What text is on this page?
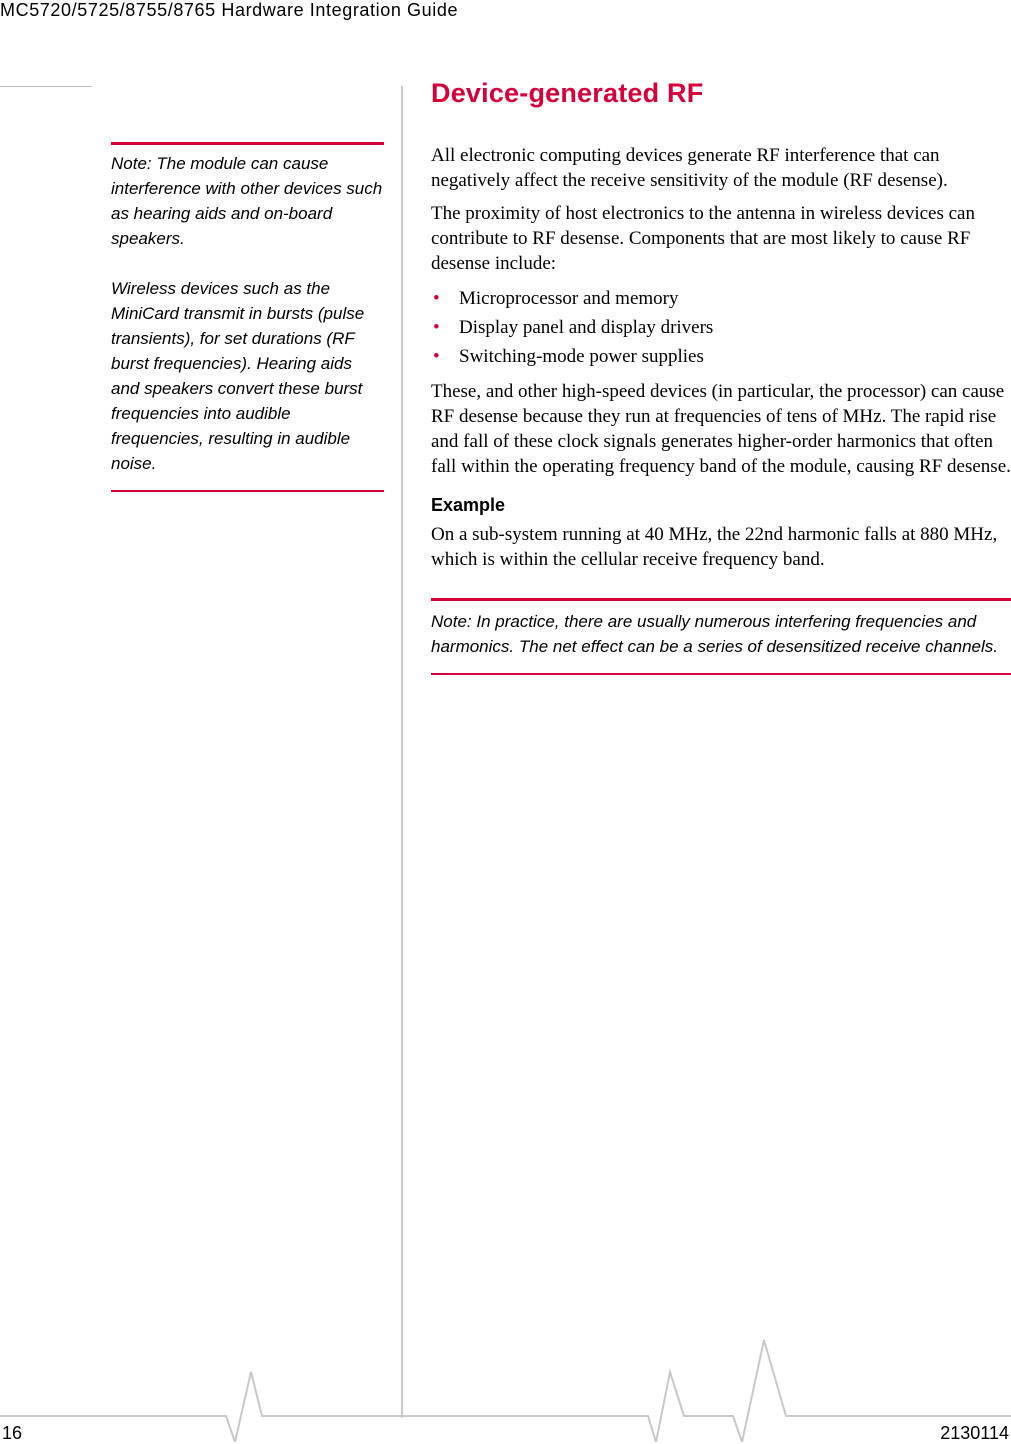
MC5720/5725/8755/8765 Hardware Integration Guide

Note: The module can cause interference with other devices such as hearing aids and on-board speakers.

Wireless devices such as the MiniCard transmit in bursts (pulse transients), for set durations (RF burst frequencies). Hearing aids and speakers convert these burst frequencies into audible frequencies, resulting in audible noise.

Device-generated RF

All electronic computing devices generate RF interference that can negatively affect the receive sensitivity of the module (RF desense).

The proximity of host electronics to the antenna in wireless devices can contribute to RF desense. Components that are most likely to cause RF desense include:

• Microprocessor and memory
• Display panel and display drivers
• Switching-mode power supplies

These, and other high-speed devices (in particular, the processor) can cause RF desense because they run at frequencies of tens of MHz. The rapid rise and fall of these clock signals generates higher-order harmonics that often fall within the operating frequency band of the module, causing RF desense.

Example

On a sub-system running at 40 MHz, the 22nd harmonic falls at 880 MHz, which is within the cellular receive frequency band.

Note: In practice, there are usually numerous interfering frequencies and harmonics. The net effect can be a series of desensitized receive channels.

16	2130114
